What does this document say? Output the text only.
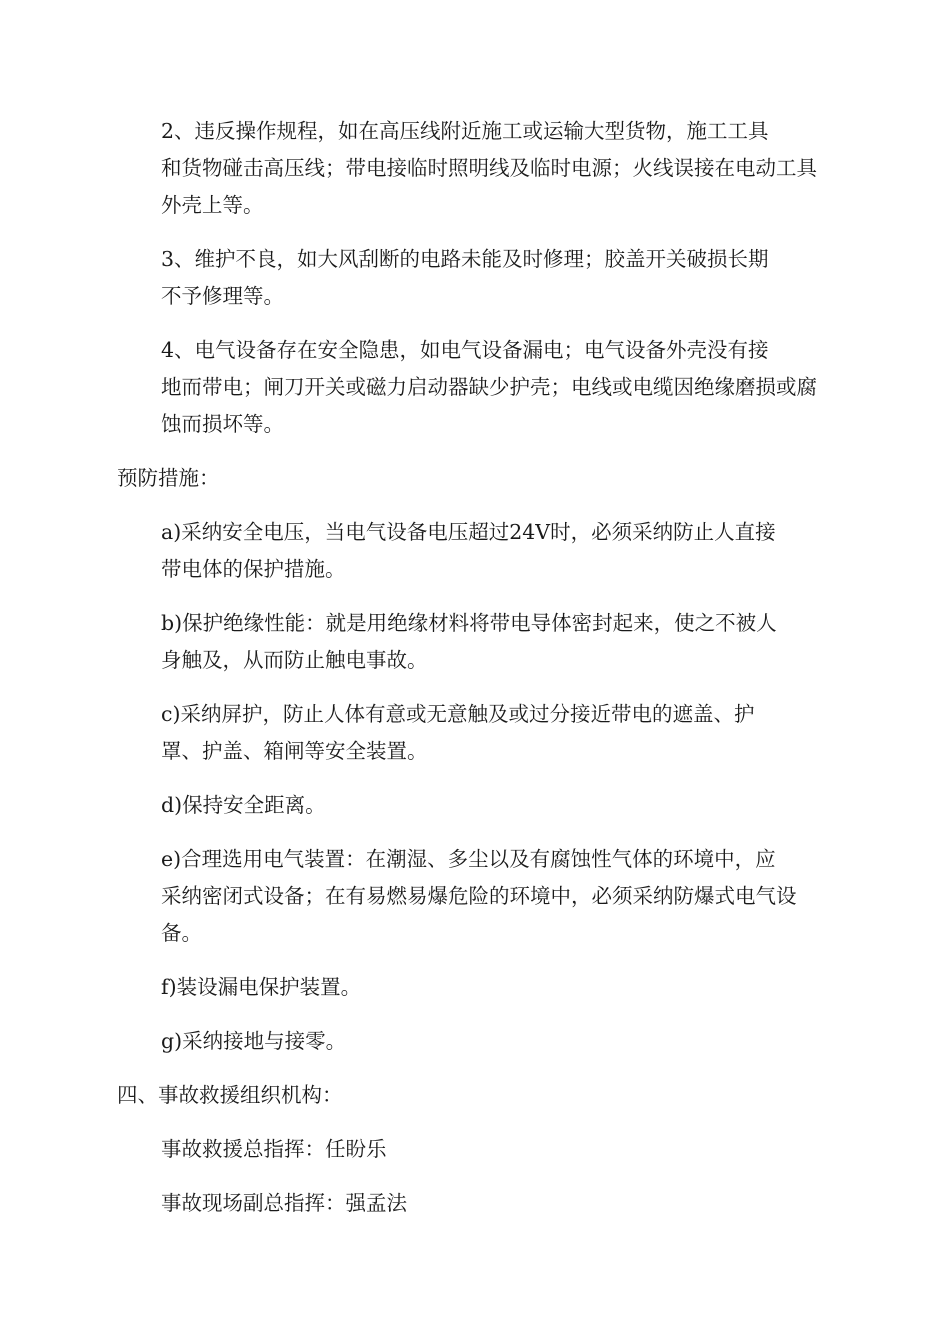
2、违反操作规程，如在高压线附近施工或运输大型货物，施工工具
和货物碰击高压线；带电接临时照明线及临时电源；火线误接在电动工具
外壳上等。

3、维护不良，如大风刮断的电路未能及时修理；胶盖开关破损长期
不予修理等。

4、电气设备存在安全隐患，如电气设备漏电；电气设备外壳没有接
地而带电；闸刀开关或磁力启动器缺少护壳；电线或电缆因绝缘磨损或腐
蚀而损坏等。

预防措施：

a)采纳安全电压，当电气设备电压超过24V时，必须采纳防止人直接
带电体的保护措施。

b)保护绝缘性能：就是用绝缘材料将带电导体密封起来，使之不被人
身触及，从而防止触电事故。

c)采纳屏护，防止人体有意或无意触及或过分接近带电的遮盖、护
罩、护盖、箱闸等安全装置。

d)保持安全距离。

e)合理选用电气装置：在潮湿、多尘以及有腐蚀性气体的环境中，应
采纳密闭式设备；在有易燃易爆危险的环境中，必须采纳防爆式电气设
备。

f)装设漏电保护装置。

g)采纳接地与接零。

四、事故救援组织机构：

事故救援总指挥：任盼乐

事故现场副总指挥：强孟法
